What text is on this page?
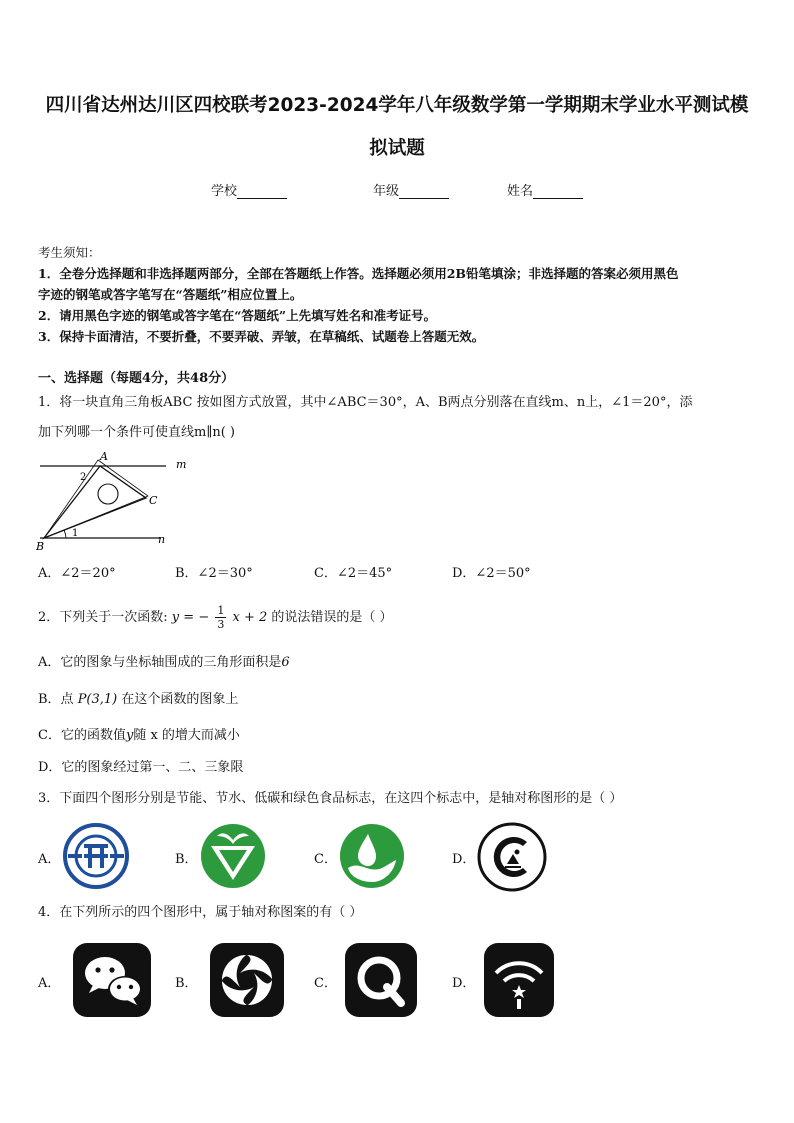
四川省达州达川区四校联考2023-2024学年八年级数学第一学期期末学业水平测试模
拟试题
学校	年级	姓名
考生须知：
1．全卷分选择题和非选择题两部分，全部在答题纸上作答。选择题必须用2B铅笔填涂；非选择题的答案必须用黑色
字迹的钢笔或答字笔写在“答题纸”相应位置上。
2．请用黑色字迹的钢笔或答字笔在“答题纸”上先填写姓名和准考证号。
3．保持卡面清洁，不要折叠，不要弄破、弄皱，在草稿纸、试题卷上答题无效。
一、选择题（每题4分，共48分）
1．将一块直角三角板ABC 按如图方式放置，其中∠ABC＝30°，A、B两点分别落在直线m、n上，∠1＝20°，添
加下列哪一个条件可使直线m∥n( )
A
B
C
m
n
1
2
A．∠2＝20°	B．∠2＝30°	C．∠2＝45°	D．∠2＝50°
2．下列关于一次函数: y = − $\frac{1}{3}$ x + 2 的说法错误的是（ ）
A．它的图象与坐标轴围成的三角形面积是6
B．点 P(3,1) 在这个函数的图象上
C．它的函数值y随 x 的增大而减小
D．它的图象经过第一、二、三象限
3．下面四个图形分别是节能、节水、低碳和绿色食品标志，在这四个标志中，是轴对称图形的是（ ）
A．	B．	C．	D．
4．在下列所示的四个图形中，属于轴对称图案的有（ ）
A．	B．	C．	D．
